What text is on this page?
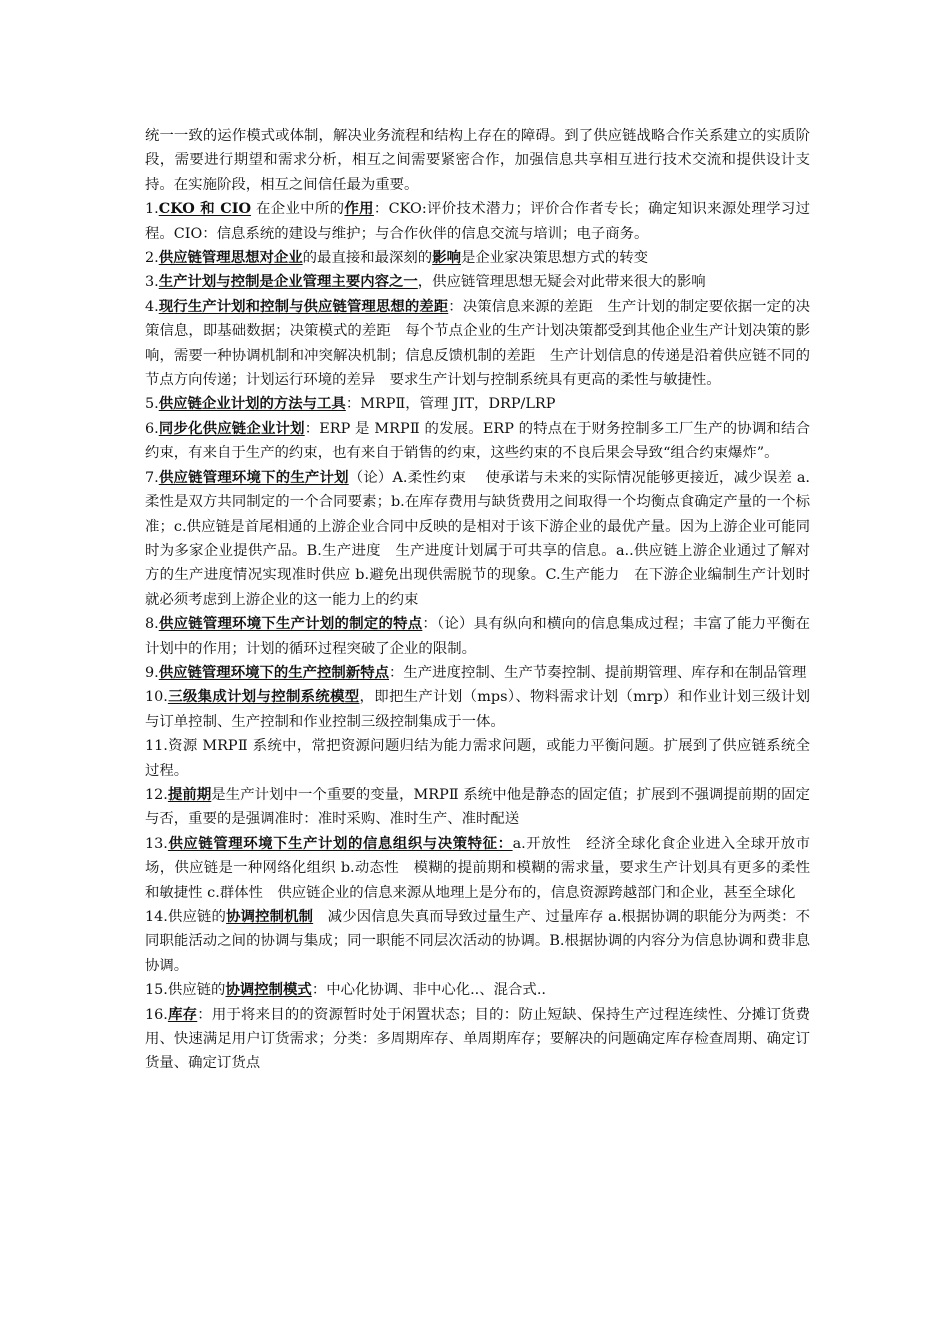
统一一致的运作模式或体制，解决业务流程和结构上存在的障碍。到了供应链战略合作关系建立的实质阶段，需要进行期望和需求分析，相互之间需要紧密合作，加强信息共享相互进行技术交流和提供设计支持。在实施阶段，相互之间信任最为重要。

1.CKO 和 CIO 在企业中所的作用：CKO:评价技术潜力；评价合作者专长；确定知识来源处理学习过程。CIO：信息系统的建设与维护；与合作伙伴的信息交流与培训；电子商务。

2.供应链管理思想对企业的最直接和最深刻的影响是企业家决策思想方式的转变

3.生产计划与控制是企业管理主要内容之一，供应链管理思想无疑会对此带来很大的影响

4.现行生产计划和控制与供应链管理思想的差距：决策信息来源的差距　生产计划的制定要依据一定的决策信息，即基础数据；决策模式的差距　每个节点企业的生产计划决策都受到其他企业生产计划决策的影响，需要一种协调机制和冲突解决机制；信息反馈机制的差距　生产计划信息的传递是沿着供应链不同的节点方向传递；计划运行环境的差异　要求生产计划与控制系统具有更高的柔性与敏捷性。

5.供应链企业计划的方法与工具：MRPⅡ，管理 JIT，DRP/LRP

6.同步化供应链企业计划：ERP 是 MRPⅡ 的发展。ERP 的特点在于财务控制多工厂生产的协调和结合约束，有来自于生产的约束，也有来自于销售的约束，这些约束的不良后果会导致“组合约束爆炸”。

7.供应链管理环境下的生产计划（论）A.柔性约束　 使承诺与未来的实际情况能够更接近，减少误差 a.柔性是双方共同制定的一个合同要素；b.在库存费用与缺货费用之间取得一个均衡点食确定产量的一个标准；c.供应链是首尾相通的上游企业合同中反映的是相对于该下游企业的最优产量。因为上游企业可能同时为多家企业提供产品。B.生产进度　生产进度计划属于可共享的信息。a..供应链上游企业通过了解对方的生产进度情况实现准时供应 b.避免出现供需脱节的现象。C.生产能力　在下游企业编制生产计划时就必须考虑到上游企业的这一能力上的约束

8.供应链管理环境下生产计划的制定的特点：（论）具有纵向和横向的信息集成过程；丰富了能力平衡在计划中的作用；计划的循环过程突破了企业的限制。

9.供应链管理环境下的生产控制新特点：生产进度控制、生产节奏控制、提前期管理、库存和在制品管理

10.三级集成计划与控制系统模型，即把生产计划（mps）、物料需求计划（mrp）和作业计划三级计划与订单控制、生产控制和作业控制三级控制集成于一体。

11.资源 MRPⅡ 系统中，常把资源问题归结为能力需求问题，或能力平衡问题。扩展到了供应链系统全过程。

12.提前期是生产计划中一个重要的变量，MRPⅡ 系统中他是静态的固定值；扩展到不强调提前期的固定与否，重要的是强调准时：准时采购、准时生产、准时配送

13.供应链管理环境下生产计划的信息组织与决策特征：a.开放性　经济全球化食企业进入全球开放市场，供应链是一种网络化组织 b.动态性　模糊的提前期和模糊的需求量，要求生产计划具有更多的柔性和敏捷性 c.群体性　供应链企业的信息来源从地理上是分布的，信息资源跨越部门和企业，甚至全球化

14.供应链的协调控制机制　减少因信息失真而导致过量生产、过量库存 a.根据协调的职能分为两类：不同职能活动之间的协调与集成；同一职能不同层次活动的协调。B.根据协调的内容分为信息协调和费非息协调。

15.供应链的协调控制模式：中心化协调、非中心化..、混合式..

16.库存：用于将来目的的资源暂时处于闲置状态；目的：防止短缺、保持生产过程连续性、分摊订货费用、快速满足用户订货需求；分类：多周期库存、单周期库存；要解决的问题确定库存检查周期、确定订货量、确定订货点
